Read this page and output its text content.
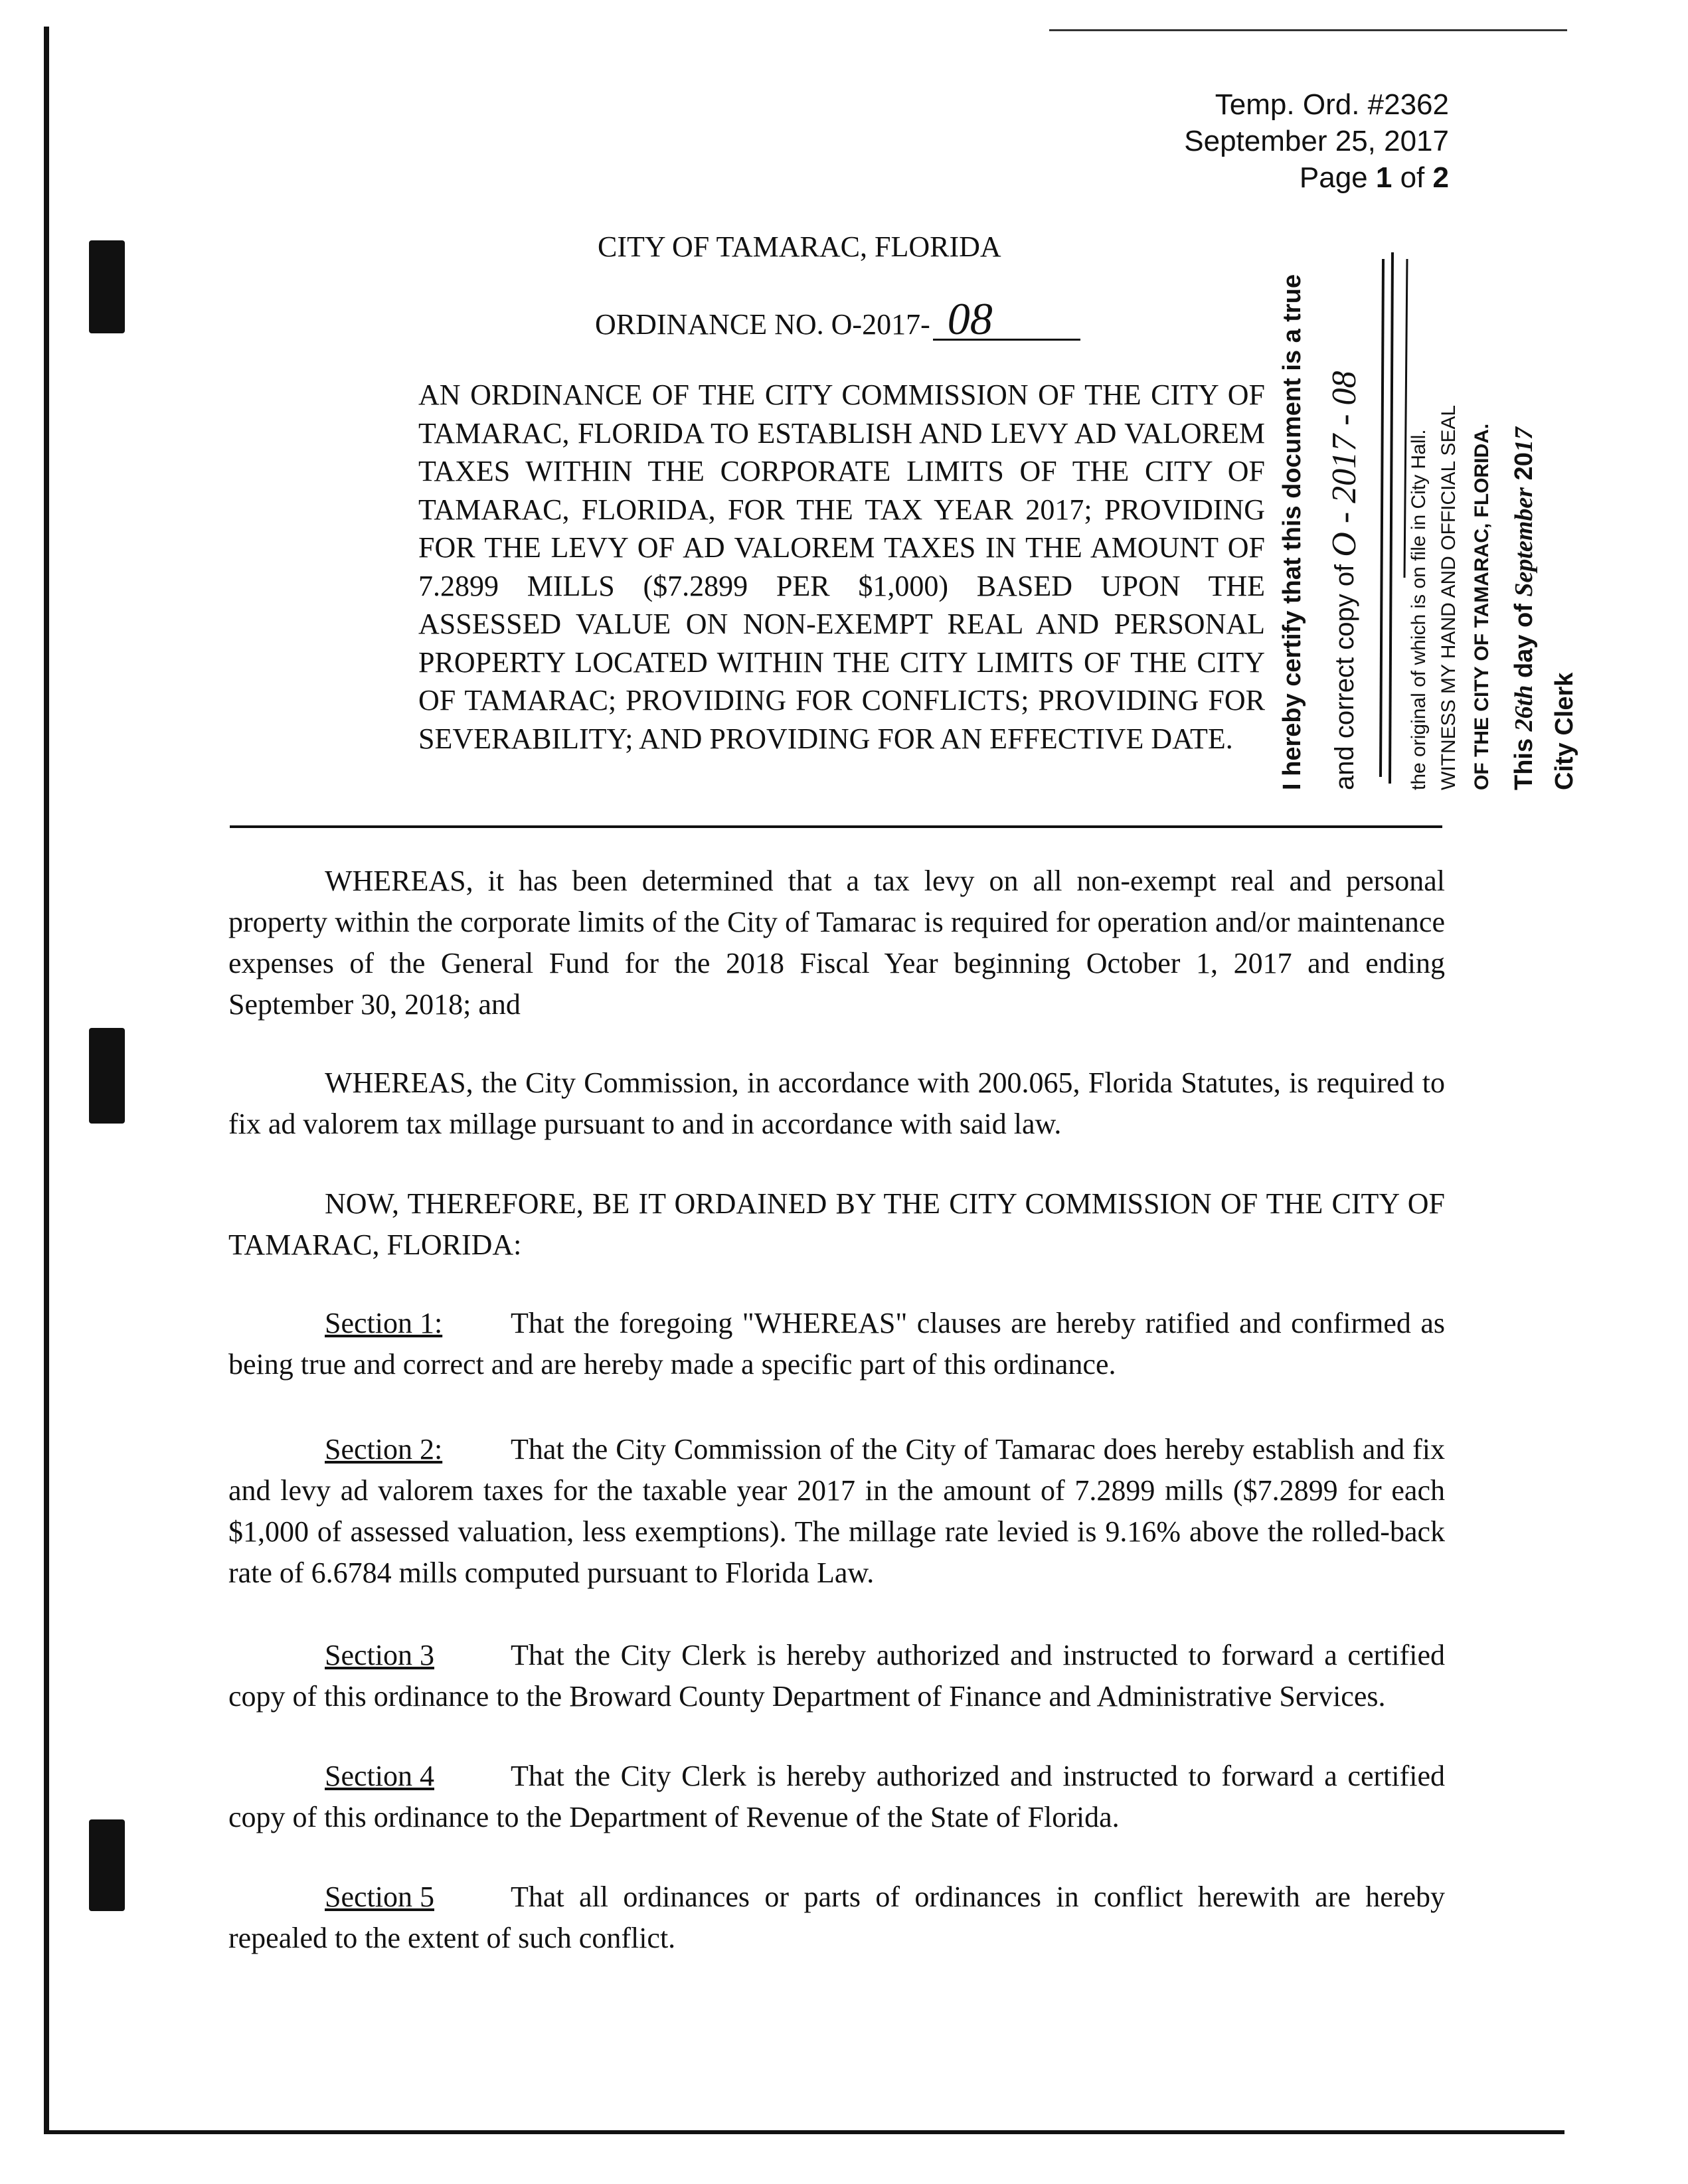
Temp. Ord. #2362
September 25, 2017
Page 1 of 2
CITY OF TAMARAC, FLORIDA
ORDINANCE NO. O-2017- 08
AN ORDINANCE OF THE CITY COMMISSION OF THE CITY OF TAMARAC, FLORIDA TO ESTABLISH AND LEVY AD VALOREM TAXES WITHIN THE CORPORATE LIMITS OF THE CITY OF TAMARAC, FLORIDA, FOR THE TAX YEAR 2017; PROVIDING FOR THE LEVY OF AD VALOREM TAXES IN THE AMOUNT OF 7.2899 MILLS ($7.2899 PER $1,000) BASED UPON THE ASSESSED VALUE ON NON-EXEMPT REAL AND PERSONAL PROPERTY LOCATED WITHIN THE CITY LIMITS OF THE CITY OF TAMARAC; PROVIDING FOR CONFLICTS; PROVIDING FOR SEVERABILITY; AND PROVIDING FOR AN EFFECTIVE DATE.	I hereby certify that this document is a true and correct copy of O - 2017 - 08 the original of which is on file in City Hall. WITNESS MY HAND AND OFFICIAL SEAL OF THE CITY OF TAMARAC, FLORIDA. This 26th day of September 2017
City Clerk
WHEREAS, it has been determined that a tax levy on all non-exempt real and personal property within the corporate limits of the City of Tamarac is required for operation and/or maintenance expenses of the General Fund for the 2018 Fiscal Year beginning October 1, 2017 and ending September 30, 2018; and
WHEREAS, the City Commission, in accordance with 200.065, Florida Statutes, is required to fix ad valorem tax millage pursuant to and in accordance with said law.
NOW, THEREFORE, BE IT ORDAINED BY THE CITY COMMISSION OF THE CITY OF TAMARAC, FLORIDA:
Section 1: That the foregoing "WHEREAS" clauses are hereby ratified and confirmed as being true and correct and are hereby made a specific part of this ordinance.
Section 2: That the City Commission of the City of Tamarac does hereby establish and fix and levy ad valorem taxes for the taxable year 2017 in the amount of 7.2899 mills ($7.2899 for each $1,000 of assessed valuation, less exemptions). The millage rate levied is 9.16% above the rolled-back rate of 6.6784 mills computed pursuant to Florida Law.
Section 3	That the City Clerk is hereby authorized and instructed to forward a certified copy of this ordinance to the Broward County Department of Finance and Administrative Services.
Section 4	That the City Clerk is hereby authorized and instructed to forward a certified copy of this ordinance to the Department of Revenue of the State of Florida.
Section 5	That all ordinances or parts of ordinances in conflict herewith are hereby repealed to the extent of such conflict.
